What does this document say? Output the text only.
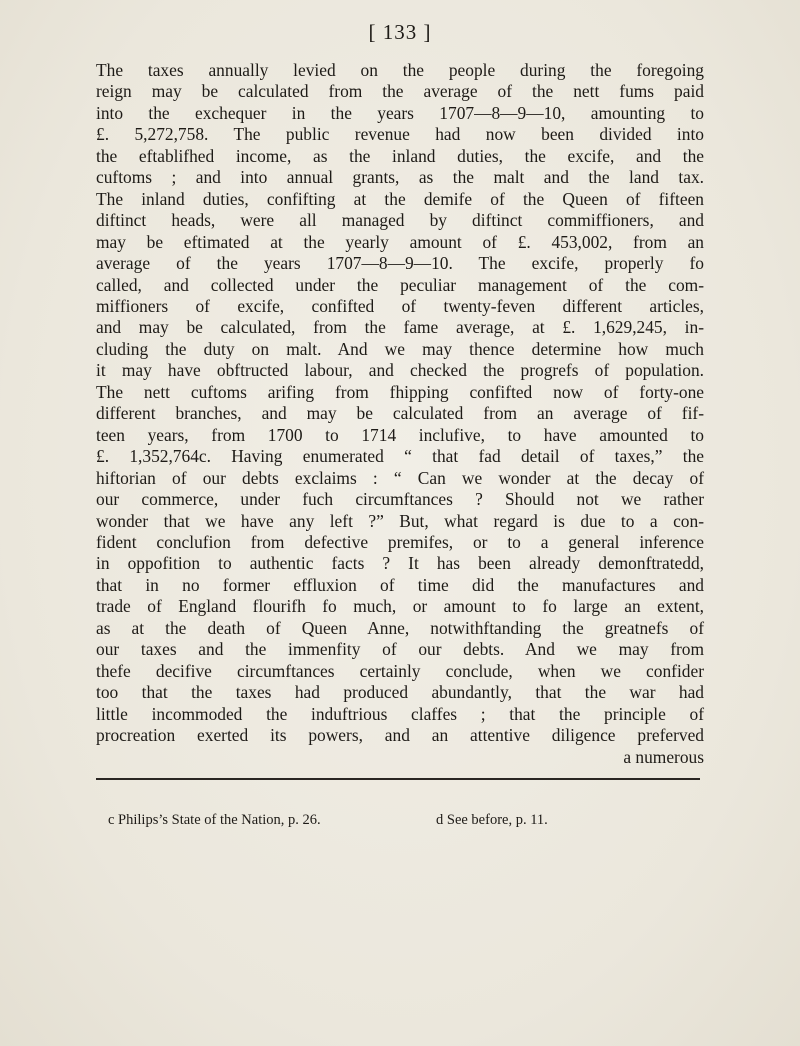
[ 133 ]
The taxes annually levied on the people during the foregoing
reign may be calculated from the average of the nett fums paid
into the exchequer in the years 1707—8—9—10, amounting to
£. 5,272,758. The public revenue had now been divided into
the eftablifhed income, as the inland duties, the excife, and the
cuftoms ; and into annual grants, as the malt and the land tax.
The inland duties, confifting at the demife of the Queen of fifteen
diftinct heads, were all managed by diftinct commiffioners, and
may be eftimated at the yearly amount of £. 453,002, from an
average of the years 1707—8—9—10. The excife, properly fo
called, and collected under the peculiar management of the com-
miffioners of excife, confifted of twenty-feven different articles,
and may be calculated, from the fame average, at £. 1,629,245, in-
cluding the duty on malt. And we may thence determine how much
it may have obftructed labour, and checked the progrefs of population.
The nett cuftoms arifing from fhipping confifted now of forty-one
different branches, and may be calculated from an average of fif-
teen years, from 1700 to 1714 inclufive, to have amounted to
£. 1,352,764c. Having enumerated “ that fad detail of taxes,” the
hiftorian of our debts exclaims : “ Can we wonder at the decay of
our commerce, under fuch circumftances ? Should not we rather
wonder that we have any left ?” But, what regard is due to a con-
fident conclufion from defective premifes, or to a general inference
in oppofition to authentic facts ? It has been already demonftratedd,
that in no former effluxion of time did the manufactures and
trade of England flourifh fo much, or amount to fo large an extent,
as at the death of Queen Anne, notwithftanding the greatnefs of
our taxes and the immenfity of our debts. And we may from
thefe decifive circumftances certainly conclude, when we confider
too that the taxes had produced abundantly, that the war had
little incommoded the induftrious claffes ; that the principle of
procreation exerted its powers, and an attentive diligence preferved
a numerous
c Philips’s State of the Nation, p. 26.	d See before, p. 11.
